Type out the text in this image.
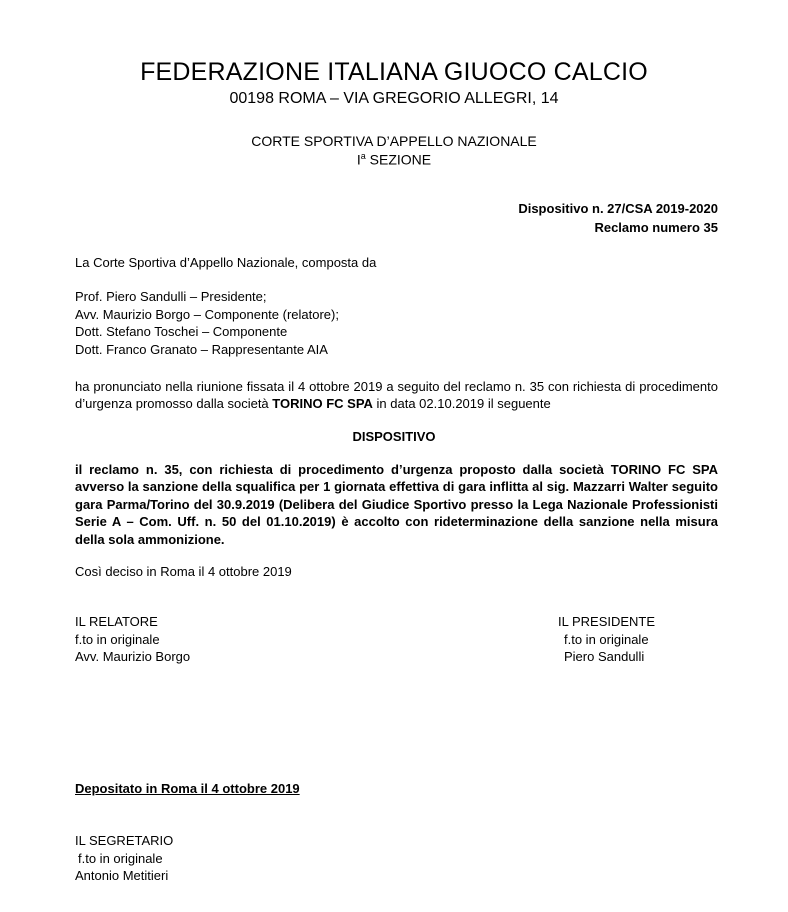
FEDERAZIONE ITALIANA GIUOCO CALCIO
00198 ROMA – VIA GREGORIO ALLEGRI, 14
CORTE SPORTIVA D’APPELLO NAZIONALE
$I^a$ SEZIONE
Dispositivo n. 27/CSA 2019-2020
Reclamo numero 35
La Corte Sportiva d’Appello Nazionale, composta da
Prof. Piero Sandulli – Presidente;
Avv. Maurizio Borgo – Componente (relatore);
Dott. Stefano Toschei – Componente
Dott. Franco Granato – Rappresentante AIA
ha pronunciato nella riunione fissata il 4 ottobre 2019 a seguito del reclamo n. 35 con richiesta di procedimento d’urgenza promosso dalla società TORINO FC SPA in data 02.10.2019 il seguente
DISPOSITIVO
il reclamo n. 35, con richiesta di procedimento d’urgenza proposto dalla società TORINO FC SPA avverso la sanzione della squalifica per 1 giornata effettiva di gara inflitta al sig. Mazzarri Walter seguito gara Parma/Torino del 30.9.2019 (Delibera del Giudice Sportivo presso la Lega Nazionale Professionisti Serie A – Com. Uff. n. 50 del 01.10.2019) è accolto con rideterminazione della sanzione nella misura della sola ammonizione.
Così deciso in Roma il 4 ottobre 2019
IL RELATORE
f.to in originale
Avv. Maurizio Borgo
IL PRESIDENTE
f.to in originale
Piero Sandulli
Depositato in Roma il 4 ottobre 2019
IL SEGRETARIO
f.to in originale
Antonio Metitieri
